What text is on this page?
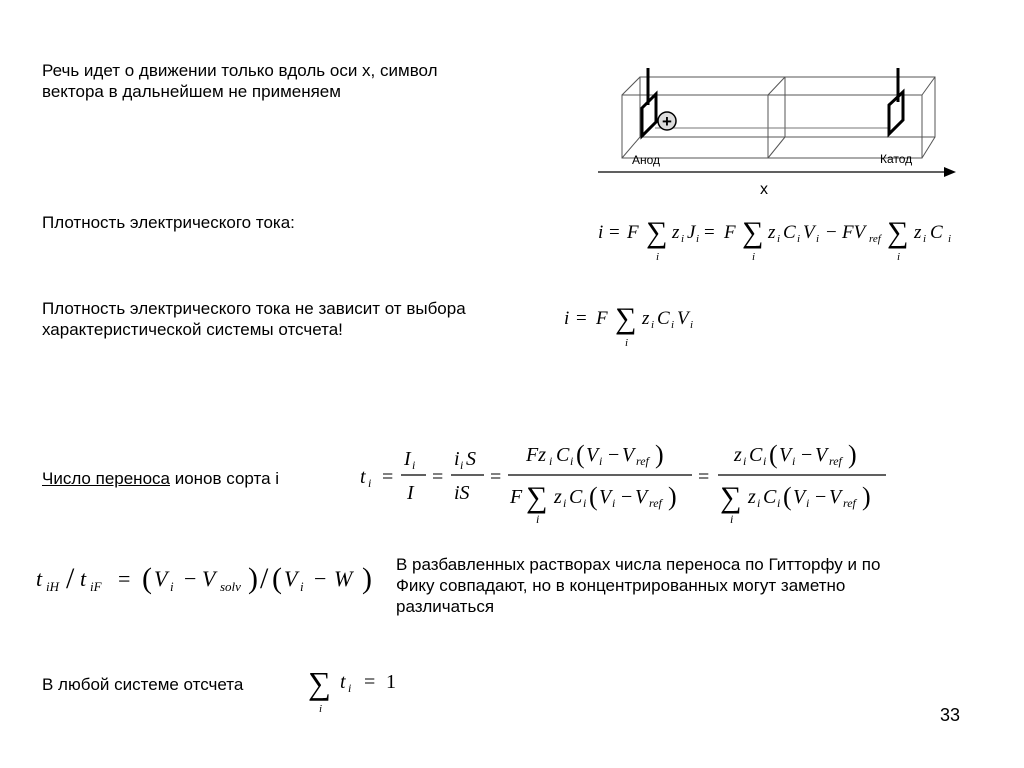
Речь идет о движении только вдоль оси x, символ
вектора в дальнейшем не применяем
+
Анод	Катод
x
Плотность электрического тока:	i = F ∑
i
z i J i = F ∑
i
z i C i V i − FV ref ∑
i
z i C i
Плотность электрического тока не зависит от выбора
характеристической системы отсчета!
i = F ∑
i
z i C i V i
Число переноса ионов сорта i	t i =
I i
I
=
i i S
iS
=
Fz i C i ( V i − V ref )
F ∑
i
z i C i ( V i − V ref )
=
z i C i ( V i − V ref )
∑
i
z i C i ( V i − V ref )
t iH / t iF = ( V i − V solv ) / ( V i − W ) В разбавленных растворах числа переноса по Гитторфу и по
Фику совпадают, но в концентрированных могут заметно
различаться
В любой системе отсчета ∑
i
t i = 1
33
